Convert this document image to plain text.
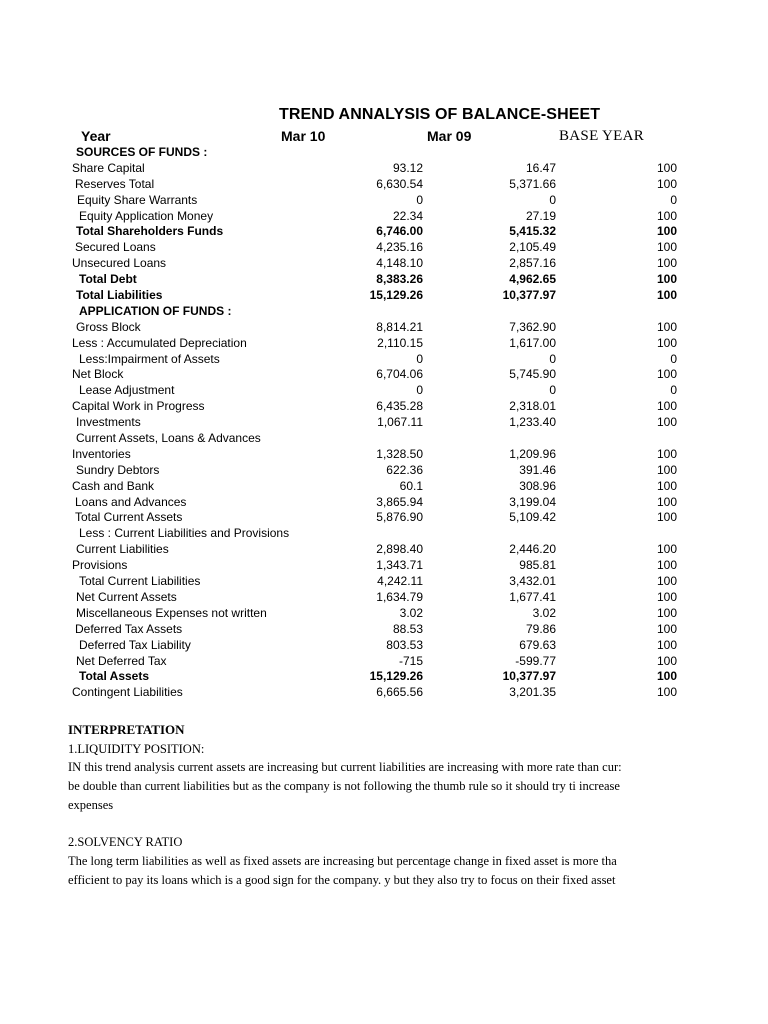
TREND ANNALYSIS OF BALANCE-SHEET
Year	Mar 10	Mar 09	BASE YEAR
SOURCES OF FUNDS :
Share Capital	93.12	16.47	100
Reserves Total	6,630.54	5,371.66	100
Equity Share Warrants	0	0	0
Equity Application Money	22.34	27.19	100
Total Shareholders Funds	6,746.00	5,415.32	100
Secured Loans	4,235.16	2,105.49	100
Unsecured Loans	4,148.10	2,857.16	100
Total Debt	8,383.26	4,962.65	100
Total Liabilities	15,129.26	10,377.97	100
APPLICATION OF FUNDS :
Gross Block	8,814.21	7,362.90	100
Less : Accumulated Depreciation	2,110.15	1,617.00	100
Less:Impairment of Assets	0	0	0
Net Block	6,704.06	5,745.90	100
Lease Adjustment	0	0	0
Capital Work in Progress	6,435.28	2,318.01	100
Investments	1,067.11	1,233.40	100
Current Assets, Loans & Advances
Inventories	1,328.50	1,209.96	100
Sundry Debtors	622.36	391.46	100
Cash and Bank	60.1	308.96	100
Loans and Advances	3,865.94	3,199.04	100
Total Current Assets	5,876.90	5,109.42	100
Less : Current Liabilities and Provisions
Current Liabilities	2,898.40	2,446.20	100
Provisions	1,343.71	985.81	100
Total Current Liabilities	4,242.11	3,432.01	100
Net Current Assets	1,634.79	1,677.41	100
Miscellaneous Expenses not written	3.02	3.02	100
Deferred Tax Assets	88.53	79.86	100
Deferred Tax Liability	803.53	679.63	100
Net Deferred Tax	-715	-599.77	100
Total Assets	15,129.26	10,377.97	100
Contingent Liabilities	6,665.56	3,201.35	100
INTERPRETATION
1.LIQUIDITY POSITION:
IN this trend analysis current assets are increasing but current liabilities are increasing with more rate than cur:
be double than current liabilities but as the company is not following the thumb rule so it should try ti increase
expenses
2.SOLVENCY RATIO
The long term liabilities as well as fixed assets are increasing but percentage change in fixed asset is more tha
efficient to pay its loans which is a good sign for the company. y but they also try to focus on their fixed asset
